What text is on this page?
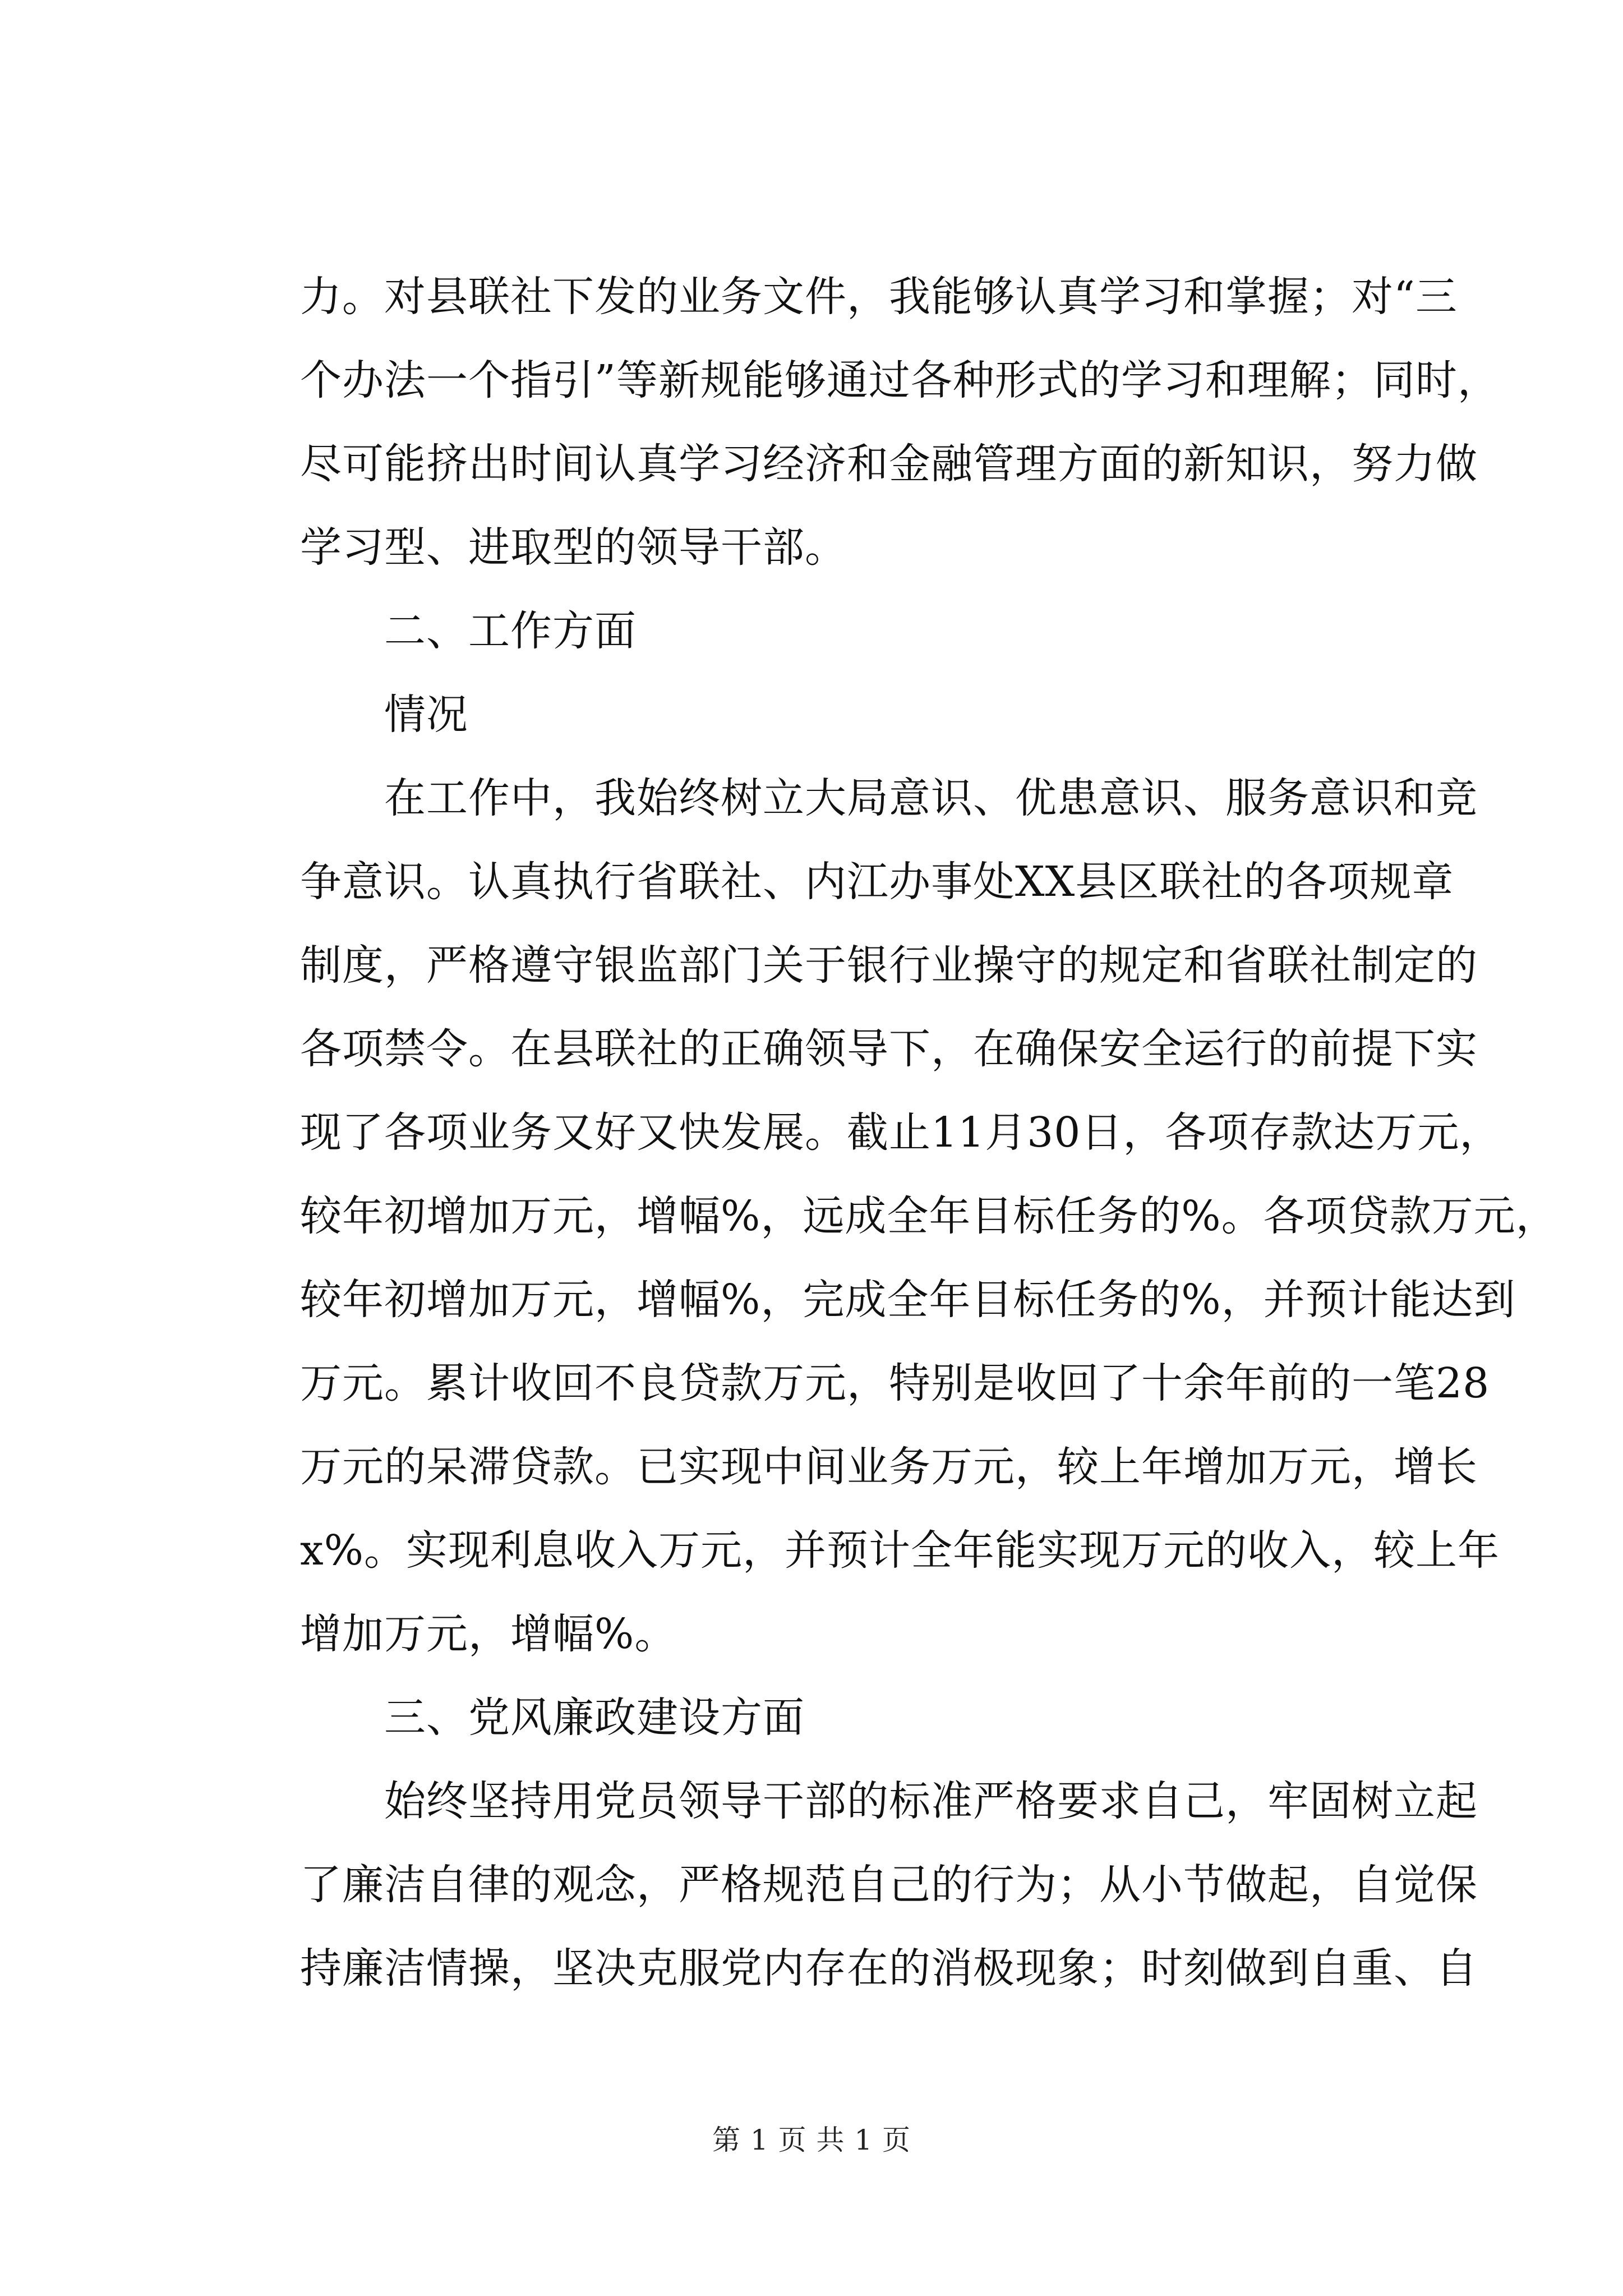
力。对县联社下发的业务文件，我能够认真学习和掌握；对“三
个办法一个指引”等新规能够通过各种形式的学习和理解；同时，
尽可能挤出时间认真学习经济和金融管理方面的新知识，努力做
学习型、进取型的领导干部。
二、工作方面
情况
在工作中，我始终树立大局意识、优患意识、服务意识和竞
争意识。认真执行省联社、内江办事处XX县区联社的各项规章
制度，严格遵守银监部门关于银行业操守的规定和省联社制定的
各项禁令。在县联社的正确领导下，在确保安全运行的前提下实
现了各项业务又好又快发展。截止11月30日，各项存款达万元，
较年初增加万元，增幅%，远成全年目标任务的%。各项贷款万元，
较年初增加万元，增幅%，完成全年目标任务的%，并预计能达到
万元。累计收回不良贷款万元，特别是收回了十余年前的一笔28
万元的呆滞贷款。已实现中间业务万元，较上年增加万元，增长
x%。实现利息收入万元，并预计全年能实现万元的收入，较上年
增加万元，增幅%。
三、党风廉政建设方面
始终坚持用党员领导干部的标准严格要求自己，牢固树立起
了廉洁自律的观念，严格规范自己的行为；从小节做起，自觉保
持廉洁情操，坚决克服党内存在的消极现象；时刻做到自重、自
第 1 页 共 1 页
